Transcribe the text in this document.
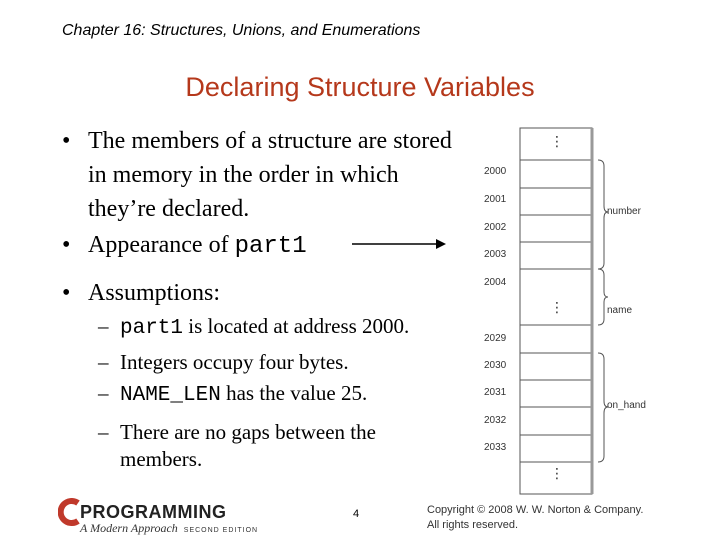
Chapter 16: Structures, Unions, and Enumerations
Declaring Structure Variables
• The members of a structure are stored in memory in the order in which they’re declared.
• Appearance of part1
• Assumptions:
– part1 is located at address 2000.
– Integers occupy four bytes.
– NAME_LEN has the value 25.
– There are no gaps between the members.
⋮
⋮
⋮
2000
2001
2002
2003
2004
2029
2030
2031
2032
2033
number
name
on_hand
PROGRAMMING
A Modern Approach SECOND EDITION
4	Copyright © 2008 W. W. Norton & Company.
All rights reserved.
